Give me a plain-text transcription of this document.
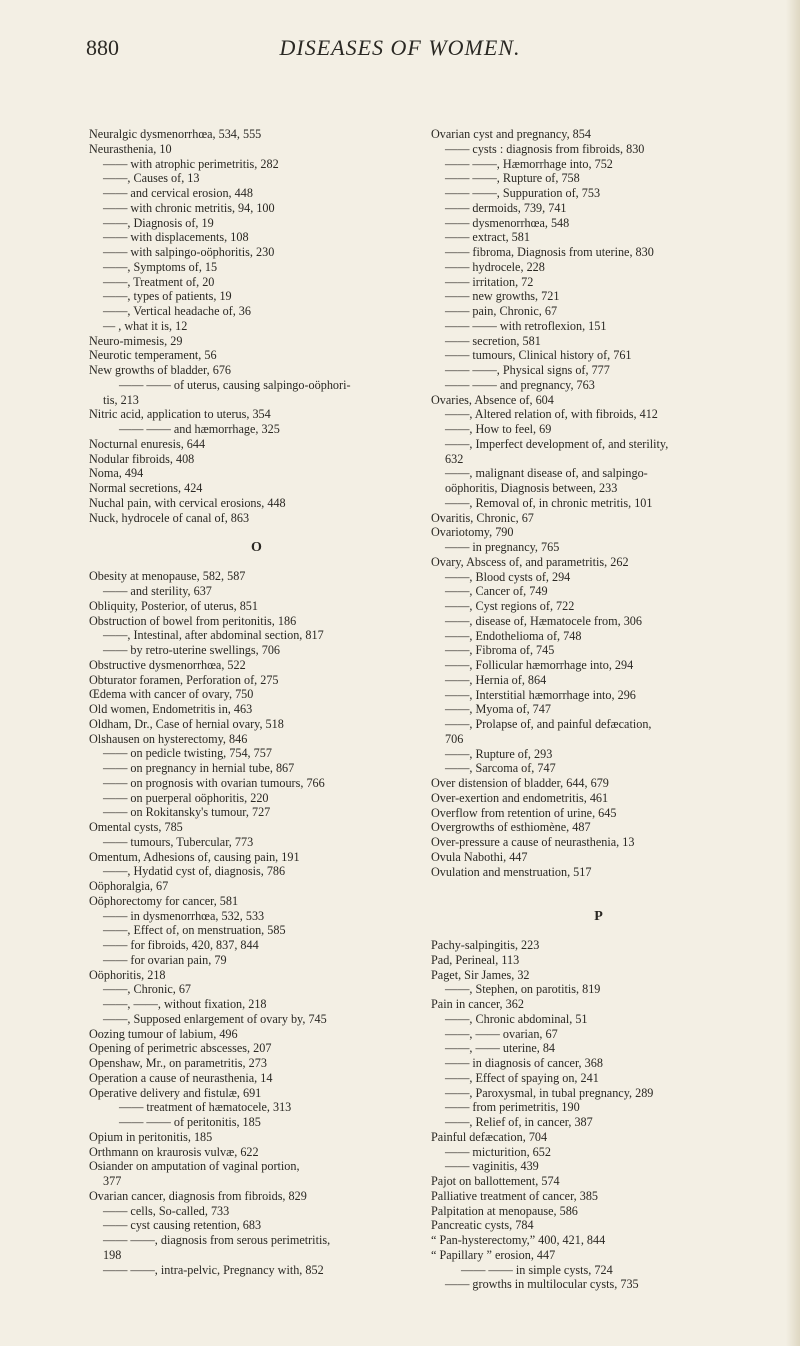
880	DISEASES OF WOMEN.
Neuralgic dysmenorrhœa, 534, 555
Neurasthenia, 10
—— with atrophic perimetritis, 282
——, Causes of, 13
—— and cervical erosion, 448
—— with chronic metritis, 94, 100
——, Diagnosis of, 19
—— with displacements, 108
—— with salpingo-oöphoritis, 230
——, Symptoms of, 15
——, Treatment of, 20
——, types of patients, 19
——, Vertical headache of, 36
— , what it is, 12
Neuro-mimesis, 29
Neurotic temperament, 56
New growths of bladder, 676
—— —— of uterus, causing salpingo-oöphori-
tis, 213
Nitric acid, application to uterus, 354
—— —— and hæmorrhage, 325
Nocturnal enuresis, 644
Nodular fibroids, 408
Noma, 494
Normal secretions, 424
Nuchal pain, with cervical erosions, 448
Nuck, hydrocele of canal of, 863
O
Obesity at menopause, 582, 587
—— and sterility, 637
Obliquity, Posterior, of uterus, 851
Obstruction of bowel from peritonitis, 186
——, Intestinal, after abdominal section, 817
—— by retro-uterine swellings, 706
Obstructive dysmenorrhœa, 522
Obturator foramen, Perforation of, 275
Œdema with cancer of ovary, 750
Old women, Endometritis in, 463
Oldham, Dr., Case of hernial ovary, 518
Olshausen on hysterectomy, 846
—— on pedicle twisting, 754, 757
—— on pregnancy in hernial tube, 867
—— on prognosis with ovarian tumours, 766
—— on puerperal oöphoritis, 220
—— on Rokitansky's tumour, 727
Omental cysts, 785
—— tumours, Tubercular, 773
Omentum, Adhesions of, causing pain, 191
——, Hydatid cyst of, diagnosis, 786
Oöphoralgia, 67
Oöphorectomy for cancer, 581
—— in dysmenorrhœa, 532, 533
——, Effect of, on menstruation, 585
—— for fibroids, 420, 837, 844
—— for ovarian pain, 79
Oöphoritis, 218
——, Chronic, 67
——, ——, without fixation, 218
——, Supposed enlargement of ovary by, 745
Oozing tumour of labium, 496
Opening of perimetric abscesses, 207
Openshaw, Mr., on parametritis, 273
Operation a cause of neurasthenia, 14
Operative delivery and fistulæ, 691
—— treatment of hæmatocele, 313
—— —— of peritonitis, 185
Opium in peritonitis, 185
Orthmann on kraurosis vulvæ, 622
Osiander on amputation of vaginal portion,
377
Ovarian cancer, diagnosis from fibroids, 829
—— cells, So-called, 733
—— cyst causing retention, 683
—— ——, diagnosis from serous perimetritis,
198
—— ——, intra-pelvic, Pregnancy with, 852
Ovarian cyst and pregnancy, 854
—— cysts : diagnosis from fibroids, 830
—— ——, Hæmorrhage into, 752
—— ——, Rupture of, 758
—— ——, Suppuration of, 753
—— dermoids, 739, 741
—— dysmenorrhœa, 548
—— extract, 581
—— fibroma, Diagnosis from uterine, 830
—— hydrocele, 228
—— irritation, 72
—— new growths, 721
—— pain, Chronic, 67
—— —— with retroflexion, 151
—— secretion, 581
—— tumours, Clinical history of, 761
—— ——, Physical signs of, 777
—— —— and pregnancy, 763
Ovaries, Absence of, 604
——, Altered relation of, with fibroids, 412
——, How to feel, 69
——, Imperfect development of, and sterility,
632
——, malignant disease of, and salpingo-
oöphoritis, Diagnosis between, 233
——, Removal of, in chronic metritis, 101
Ovaritis, Chronic, 67
Ovariotomy, 790
—— in pregnancy, 765
Ovary, Abscess of, and parametritis, 262
——, Blood cysts of, 294
——, Cancer of, 749
——, Cyst regions of, 722
——, disease of, Hæmatocele from, 306
——, Endothelioma of, 748
——, Fibroma of, 745
——, Follicular hæmorrhage into, 294
——, Hernia of, 864
——, Interstitial hæmorrhage into, 296
——, Myoma of, 747
——, Prolapse of, and painful defæcation,
706
——, Rupture of, 293
——, Sarcoma of, 747
Over distension of bladder, 644, 679
Over-exertion and endometritis, 461
Overflow from retention of urine, 645
Overgrowths of esthiomène, 487
Over-pressure a cause of neurasthenia, 13
Ovula Nabothi, 447
Ovulation and menstruation, 517
P
Pachy-salpingitis, 223
Pad, Perineal, 113
Paget, Sir James, 32
——, Stephen, on parotitis, 819
Pain in cancer, 362
——, Chronic abdominal, 51
——, —— ovarian, 67
——, —— uterine, 84
—— in diagnosis of cancer, 368
——, Effect of spaying on, 241
——, Paroxysmal, in tubal pregnancy, 289
—— from perimetritis, 190
——, Relief of, in cancer, 387
Painful defæcation, 704
—— micturition, 652
—— vaginitis, 439
Pajot on ballottement, 574
Palliative treatment of cancer, 385
Palpitation at menopause, 586
Pancreatic cysts, 784
“ Pan-hysterectomy,” 400, 421, 844
“ Papillary ” erosion, 447
—— —— in simple cysts, 724
—— growths in multilocular cysts, 735
